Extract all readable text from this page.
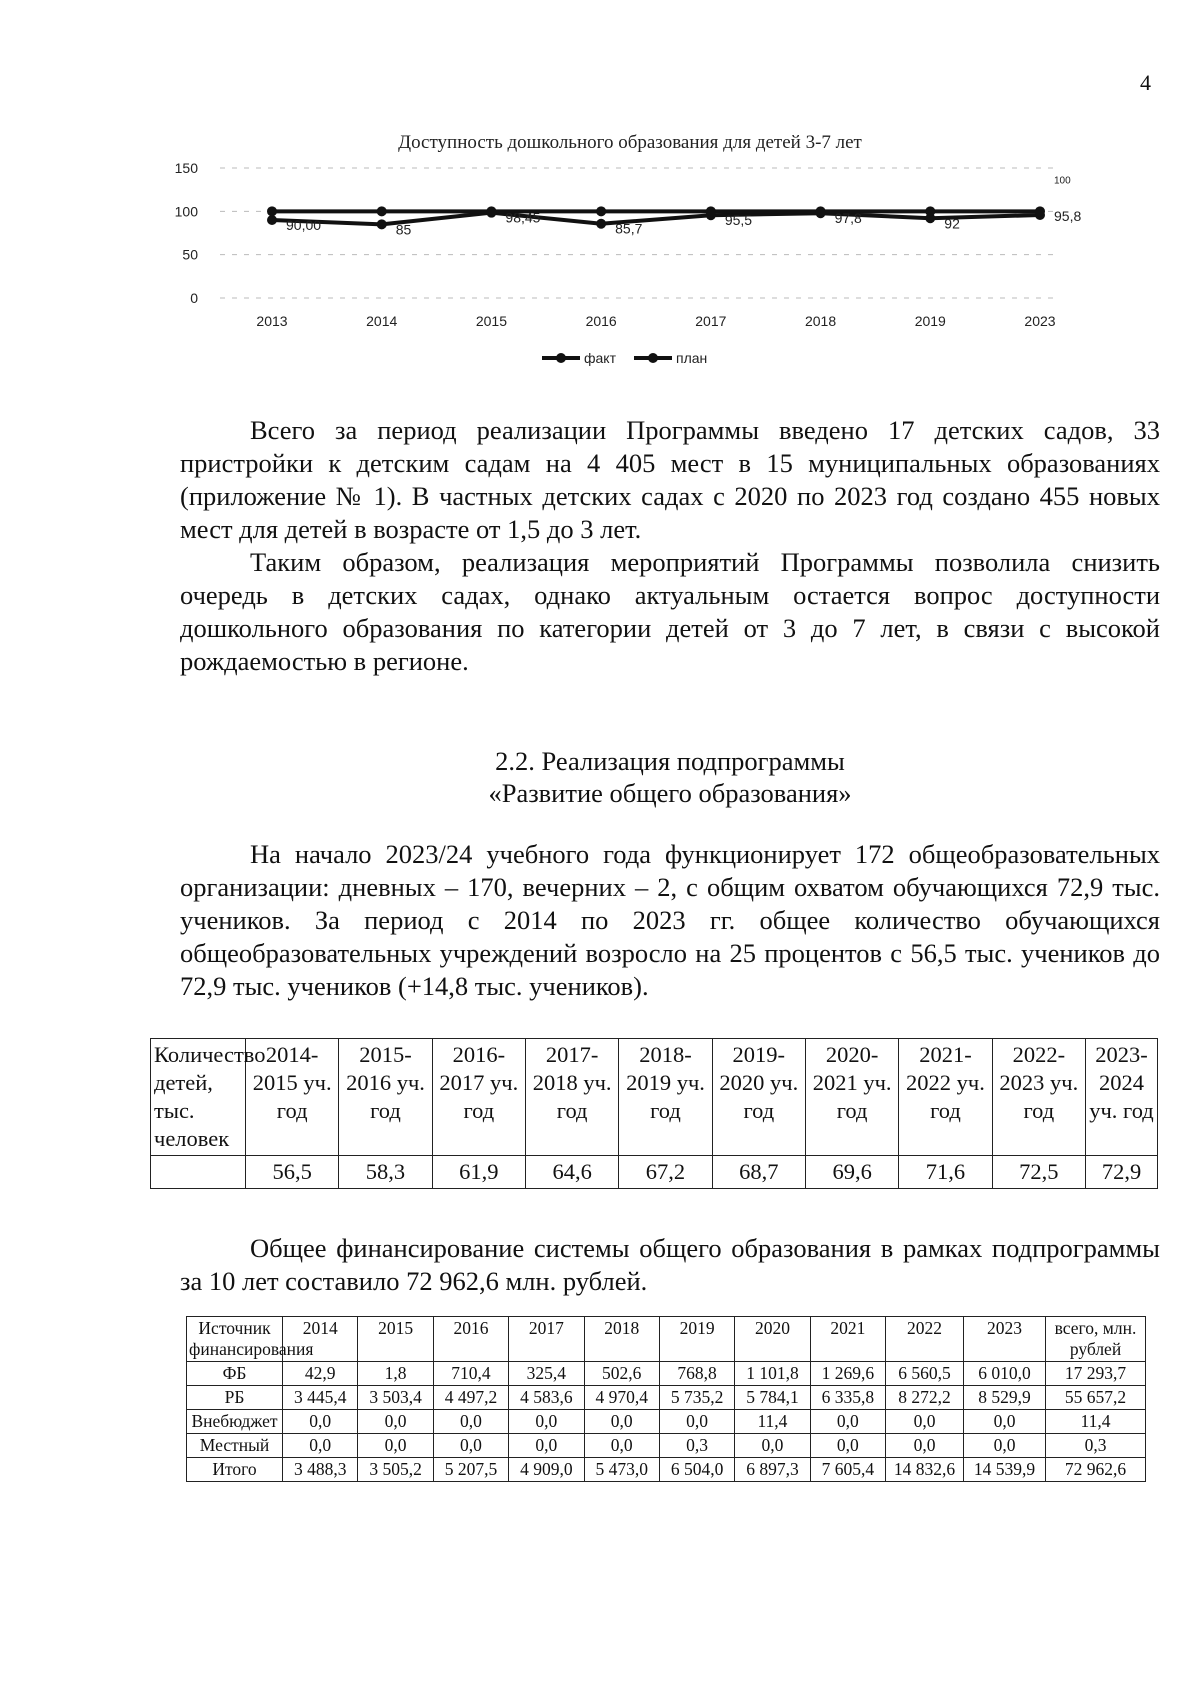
4
Доступность дошкольного образования для детей 3-7 лет
0
50
100
150
2013	2014	2015	2016	2017	2018	2019	2023
90,00	85
98,45
85,7
95,5	97,8	92	95,8
100
факт	план

Всего за период реализации Программы введено 17 детских садов, 33 пристройки к детским садам на 4 405 мест в 15 муниципальных образованиях (приложение № 1). В частных детских садах с 2020 по 2023 год создано 455 новых мест для детей в возрасте от 1,5 до 3 лет.

Таким образом, реализация мероприятий Программы позволила снизить очередь в детских садах, однако актуальным остается вопрос доступности дошкольного образования по категории детей от 3 до 7 лет, в связи с высокой рождаемостью в регионе.

2.2. Реализация подпрограммы
«Развитие общего образования»

На начало 2023/24 учебного года функционирует 172 общеобразовательных организации: дневных – 170, вечерних – 2, с общим охватом обучающихся 72,9 тыс. учеников. За период с 2014 по 2023 гг. общее количество обучающихся общеобразовательных учреждений возросло на 25 процентов с 56,5 тыс. учеников до 72,9 тыс. учеников (+14,8 тыс. учеников).

Количество детей, тыс. человек	2014-2015 уч. год	2015-2016 уч. год	2016-2017 уч. год	2017-2018 уч. год	2018-2019 уч. год	2019-2020 уч. год	2020-2021 уч. год	2021-2022 уч. год	2022-2023 уч. год	2023-2024 уч. год
	56,5	58,3	61,9	64,6	67,2	68,7	69,6	71,6	72,5	72,9

Общее финансирование системы общего образования в рамках подпрограммы за 10 лет составило 72 962,6 млн. рублей.

Источник финансирования	2014	2015	2016	2017	2018	2019	2020	2021	2022	2023	всего, млн. рублей
ФБ	42,9	1,8	710,4	325,4	502,6	768,8	1 101,8	1 269,6	6 560,5	6 010,0	17 293,7
РБ	3 445,4	3 503,4	4 497,2	4 583,6	4 970,4	5 735,2	5 784,1	6 335,8	8 272,2	8 529,9	55 657,2
Внебюджет	0,0	0,0	0,0	0,0	0,0	0,0	11,4	0,0	0,0	0,0	11,4
Местный	0,0	0,0	0,0	0,0	0,0	0,3	0,0	0,0	0,0	0,0	0,3
Итого	3 488,3	3 505,2	5 207,5	4 909,0	5 473,0	6 504,0	6 897,3	7 605,4	14 832,6	14 539,9	72 962,6
